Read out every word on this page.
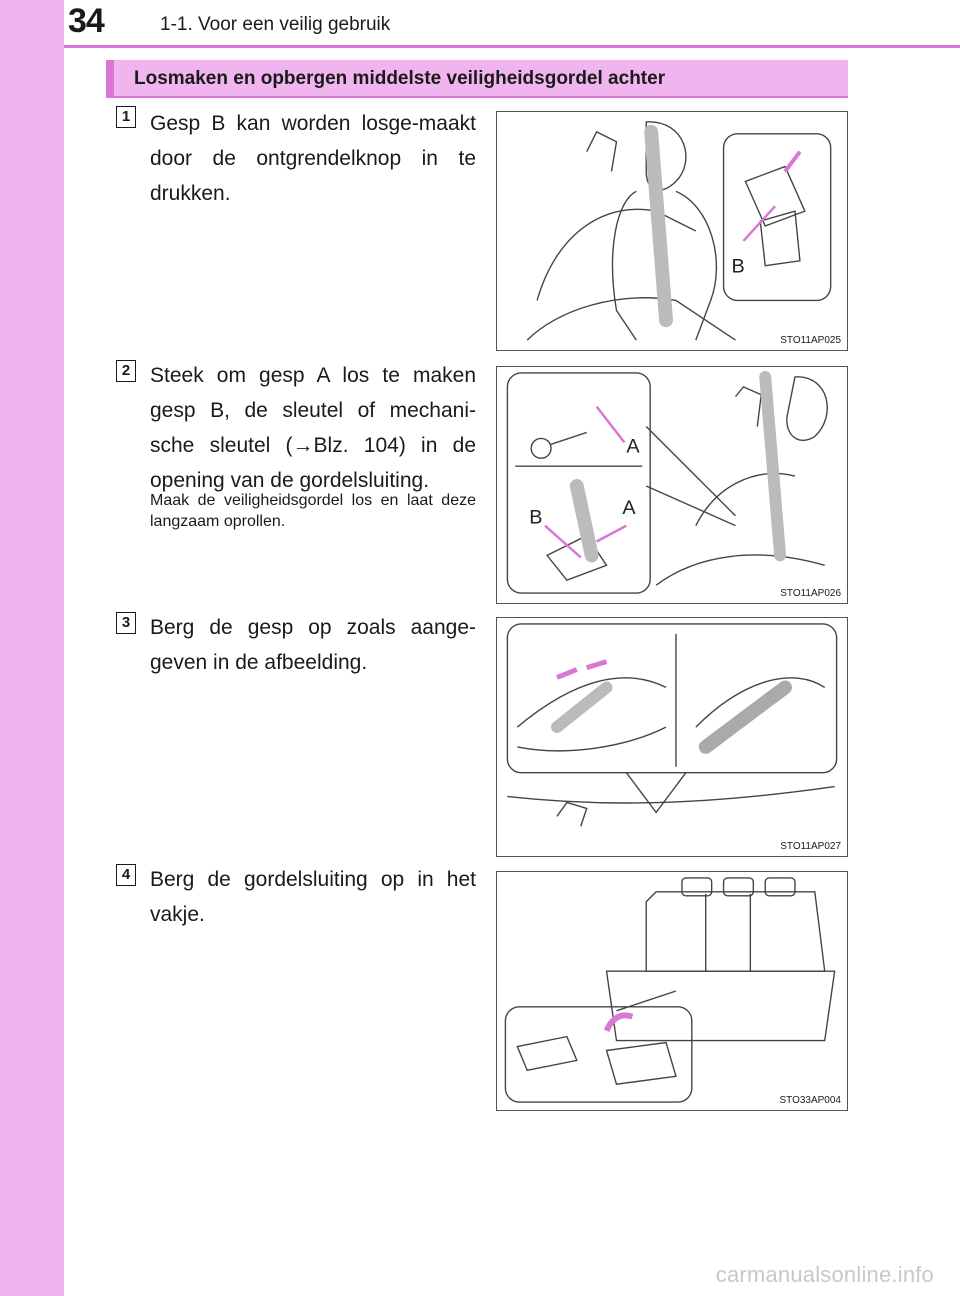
34	1-1. Voor een veilig gebruik
Losmaken en opbergen middelste veiligheidsgordel achter
1 Gesp B kan worden losge-maakt door de ontgrendelknop in te drukken.
B
STO11AP025
2 Steek om gesp A los te maken gesp B, de sleutel of mechani-sche sleutel (→Blz. 104) in de opening van de gordelsluiting.
Maak de veiligheidsgordel los en laat deze langzaam oprollen.
A
B	A
STO11AP026
3 Berg de gesp op zoals aange-geven in de afbeelding.
STO11AP027
4 Berg de gordelsluiting op in het vakje.
STO33AP004
carmanualsonline.info
